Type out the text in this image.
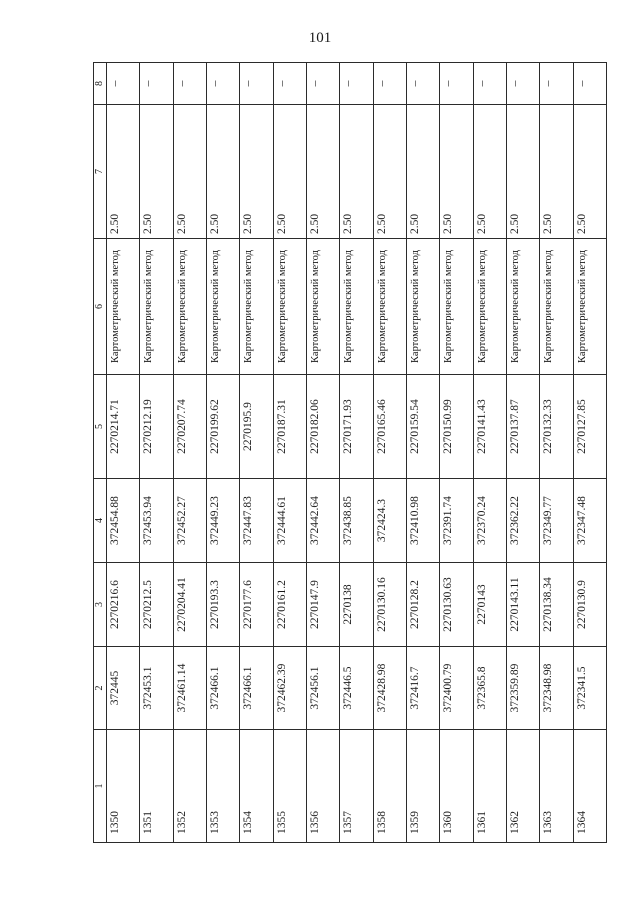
101
1	2	3	4	5	6	7	8
1350	372445	2270216.6	372454.88	2270214.71	Картометрический метод	2.50	–
1351	372453.1	2270212.5	372453.94	2270212.19	Картометрический метод	2.50	–
1352	372461.14	2270204.41	372452.27	2270207.74	Картометрический метод	2.50	–
1353	372466.1	2270193.3	372449.23	2270199.62	Картометрический метод	2.50	–
1354	372466.1	2270177.6	372447.83	2270195.9	Картометрический метод	2.50	–
1355	372462.39	2270161.2	372444.61	2270187.31	Картометрический метод	2.50	–
1356	372456.1	2270147.9	372442.64	2270182.06	Картометрический метод	2.50	–
1357	372446.5	2270138	372438.85	2270171.93	Картометрический метод	2.50	–
1358	372428.98	2270130.16	372424.3	2270165.46	Картометрический метод	2.50	–
1359	372416.7	2270128.2	372410.98	2270159.54	Картометрический метод	2.50	–
1360	372400.79	2270130.63	372391.74	2270150.99	Картометрический метод	2.50	–
1361	372365.8	2270143	372370.24	2270141.43	Картометрический метод	2.50	–
1362	372359.89	2270143.11	372362.22	2270137.87	Картометрический метод	2.50	–
1363	372348.98	2270138.34	372349.77	2270132.33	Картометрический метод	2.50	–
1364	372341.5	2270130.9	372347.48	2270127.85	Картометрический метод	2.50	–
